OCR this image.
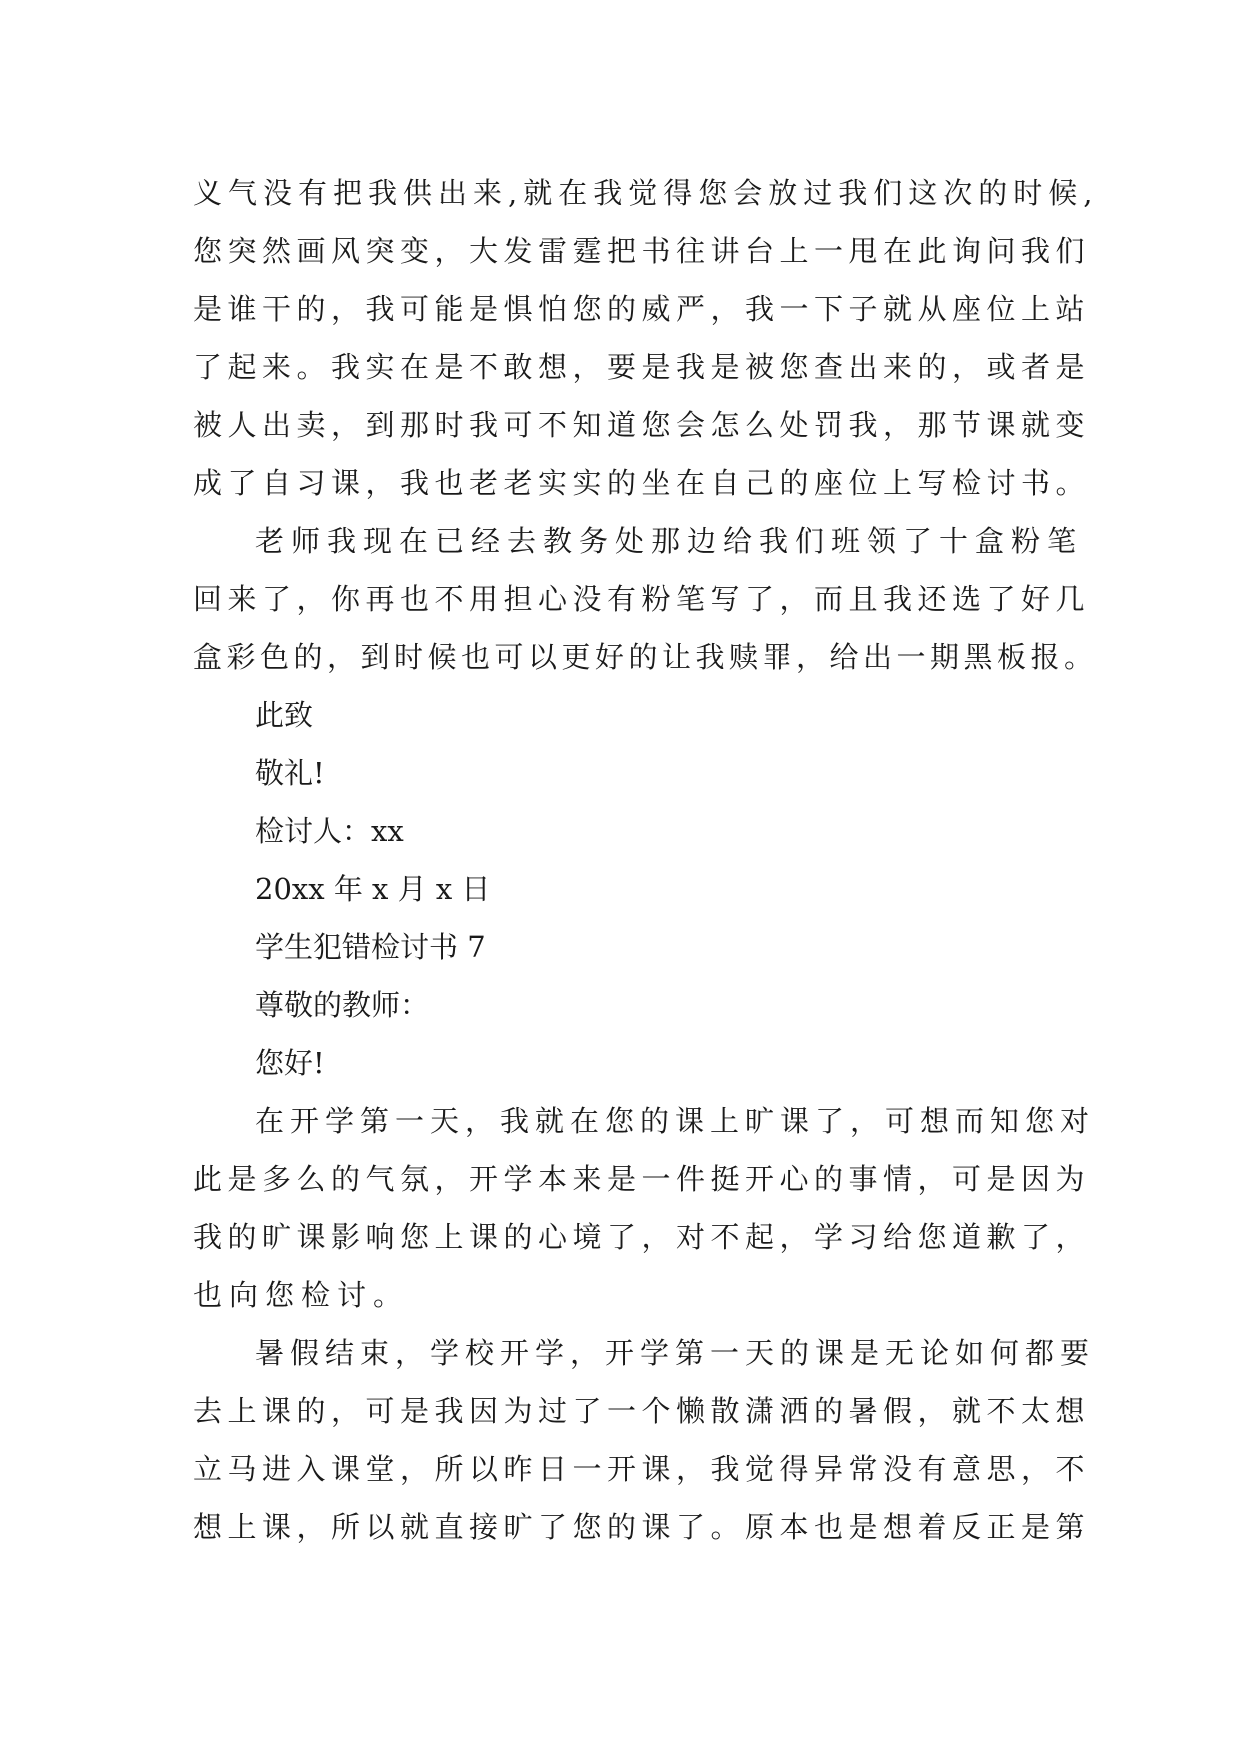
义气没有把我供出来,就在我觉得您会放过我们这次的时候,
您突然画风突变，大发雷霆把书往讲台上一甩在此询问我们
是谁干的，我可能是惧怕您的威严，我一下子就从座位上站
了起来。我实在是不敢想，要是我是被您查出来的，或者是
被人出卖，到那时我可不知道您会怎么处罚我，那节课就变
成了自习课，我也老老实实的坐在自己的座位上写检讨书。
老师我现在已经去教务处那边给我们班领了十盒粉笔
回来了，你再也不用担心没有粉笔写了，而且我还选了好几
盒彩色的，到时候也可以更好的让我赎罪，给出一期黑板报。
此致
敬礼!
检讨人：xx
20xx 年 x 月 x 日
学生犯错检讨书 7
尊敬的教师：
您好!
在开学第一天，我就在您的课上旷课了，可想而知您对
此是多么的气氛，开学本来是一件挺开心的事情，可是因为
我的旷课影响您上课的心境了，对不起，学习给您道歉了，
也向您检讨。
暑假结束，学校开学，开学第一天的课是无论如何都要
去上课的，可是我因为过了一个懒散潇洒的暑假，就不太想
立马进入课堂，所以昨日一开课，我觉得异常没有意思，不
想上课，所以就直接旷了您的课了。原本也是想着反正是第
